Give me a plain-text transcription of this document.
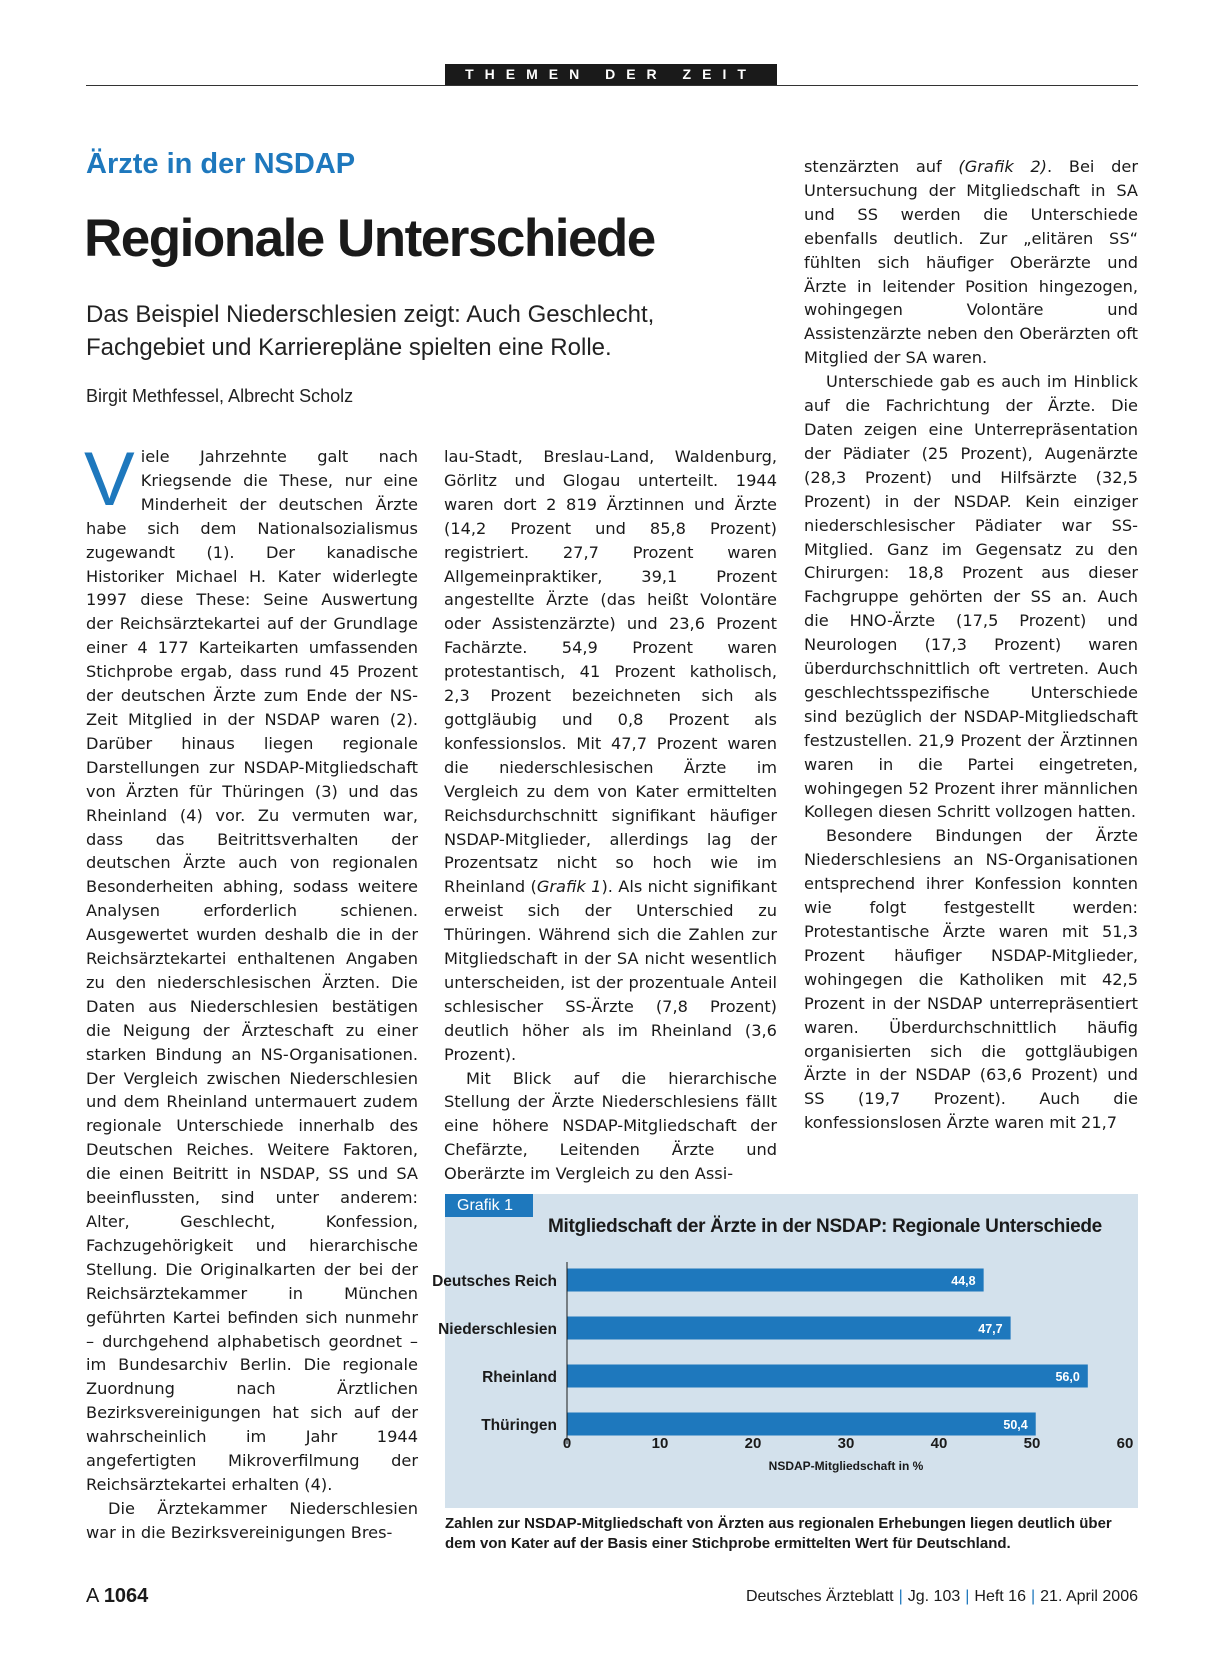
THEMEN DER ZEIT
Ärzte in der NSDAP
Regionale Unterschiede
Das Beispiel Niederschlesien zeigt: Auch Geschlecht, Fachgebiet und Karrierepläne spielten eine Rolle.
Birgit Methfessel, Albrecht Scholz

Viele Jahrzehnte galt nach Kriegsende die These, nur eine Minderheit der deutschen Ärzte habe sich dem Nationalsozialismus zugewandt (1). Der kanadische Historiker Michael H. Kater widerlegte 1997 diese These: Seine Auswertung der Reichsärztekartei auf der Grundlage einer 4 177 Karteikarten umfassenden Stichprobe ergab, dass rund 45 Prozent der deutschen Ärzte zum Ende der NS-Zeit Mitglied in der NSDAP waren (2). Darüber hinaus liegen regionale Darstellungen zur NSDAP-Mitgliedschaft von Ärzten für Thüringen (3) und das Rheinland (4) vor. Zu vermuten war, dass das Beitrittsverhalten der deutschen Ärzte auch von regionalen Besonderheiten abhing, sodass weitere Analysen erforderlich schienen. Ausgewertet wurden deshalb die in der Reichsärztekartei enthaltenen Angaben zu den niederschlesischen Ärzten. Die Daten aus Niederschlesien bestätigen die Neigung der Ärzteschaft zu einer starken Bindung an NS-Organisationen. Der Vergleich zwischen Niederschlesien und dem Rheinland untermauert zudem regionale Unterschiede innerhalb des Deutschen Reiches. Weitere Faktoren, die einen Beitritt in NSDAP, SS und SA beeinflussten, sind unter anderem: Alter, Geschlecht, Konfession, Fachzugehörigkeit und hierarchische Stellung. Die Originalkarten der bei der Reichsärztekammer in München geführten Kartei befinden sich nunmehr – durchgehend alphabetisch geordnet – im Bundesarchiv Berlin. Die regionale Zuordnung nach Ärztlichen Bezirksvereinigungen hat sich auf der wahrscheinlich im Jahr 1944 angefertigten Mikroverfilmung der Reichsärztekartei erhalten (4).

Die Ärztekammer Niederschlesien war in die Bezirksvereinigungen Bres-

lau-Stadt, Breslau-Land, Waldenburg, Görlitz und Glogau unterteilt. 1944 waren dort 2 819 Ärztinnen und Ärzte (14,2 Prozent und 85,8 Prozent) registriert. 27,7 Prozent waren Allgemeinpraktiker, 39,1 Prozent angestellte Ärzte (das heißt Volontäre oder Assistenzärzte) und 23,6 Prozent Fachärzte. 54,9 Prozent waren protestantisch, 41 Prozent katholisch, 2,3 Prozent bezeichneten sich als gottgläubig und 0,8 Prozent als konfessionslos. Mit 47,7 Prozent waren die niederschlesischen Ärzte im Vergleich zu dem von Kater ermittelten Reichsdurchschnitt signifikant häufiger NSDAP-Mitglieder, allerdings lag der Prozentsatz nicht so hoch wie im Rheinland (Grafik 1). Als nicht signifikant erweist sich der Unterschied zu Thüringen. Während sich die Zahlen zur Mitgliedschaft in der SA nicht wesentlich unterscheiden, ist der prozentuale Anteil schlesischer SS-Ärzte (7,8 Prozent) deutlich höher als im Rheinland (3,6 Prozent).

Mit Blick auf die hierarchische Stellung der Ärzte Niederschlesiens fällt eine höhere NSDAP-Mitgliedschaft der Chefärzte, Leitenden Ärzte und Oberärzte im Vergleich zu den Assi-

stenzärzten auf (Grafik 2). Bei der Untersuchung der Mitgliedschaft in SA und SS werden die Unterschiede ebenfalls deutlich. Zur „elitären SS“ fühlten sich häufiger Oberärzte und Ärzte in leitender Position hingezogen, wohingegen Volontäre und Assistenzärzte neben den Oberärzten oft Mitglied der SA waren.

Unterschiede gab es auch im Hinblick auf die Fachrichtung der Ärzte. Die Daten zeigen eine Unterrepräsentation der Pädiater (25 Prozent), Augenärzte (28,3 Prozent) und Hilfsärzte (32,5 Prozent) in der NSDAP. Kein einziger niederschlesischer Pädiater war SS-Mitglied. Ganz im Gegensatz zu den Chirurgen: 18,8 Prozent aus dieser Fachgruppe gehörten der SS an. Auch die HNO-Ärzte (17,5 Prozent) und Neurologen (17,3 Prozent) waren überdurchschnittlich oft vertreten. Auch geschlechtsspezifische Unterschiede sind bezüglich der NSDAP-Mitgliedschaft festzustellen. 21,9 Prozent der Ärztinnen waren in die Partei eingetreten, wohingegen 52 Prozent ihrer männlichen Kollegen diesen Schritt vollzogen hatten.

Besondere Bindungen der Ärzte Niederschlesiens an NS-Organisationen entsprechend ihrer Konfession konnten wie folgt festgestellt werden: Protestantische Ärzte waren mit 51,3 Prozent häufiger NSDAP-Mitglieder, wohingegen die Katholiken mit 42,5 Prozent in der NSDAP unterrepräsentiert waren. Überdurchschnittlich häufig organisierten sich die gottgläubigen Ärzte in der NSDAP (63,6 Prozent) und SS (19,7 Prozent). Auch die konfessionslosen Ärzte waren mit 21,7

Deutsches Reich	44,8
Niederschlesien	47,7
Rheinland	56,0
Thüringen	50,4
0	10	20	30	40	50	60
NSDAP-Mitgliedschaft in %
Grafik 1
Mitgliedschaft der Ärzte in der NSDAP: Regionale Unterschiede
Zahlen zur NSDAP-Mitgliedschaft von Ärzten aus regionalen Erhebungen liegen deutlich über dem von Kater auf der Basis einer Stichprobe ermittelten Wert für Deutschland.
A 1064	Deutsches Ärzteblatt | Jg. 103 | Heft 16 | 21. April 2006
